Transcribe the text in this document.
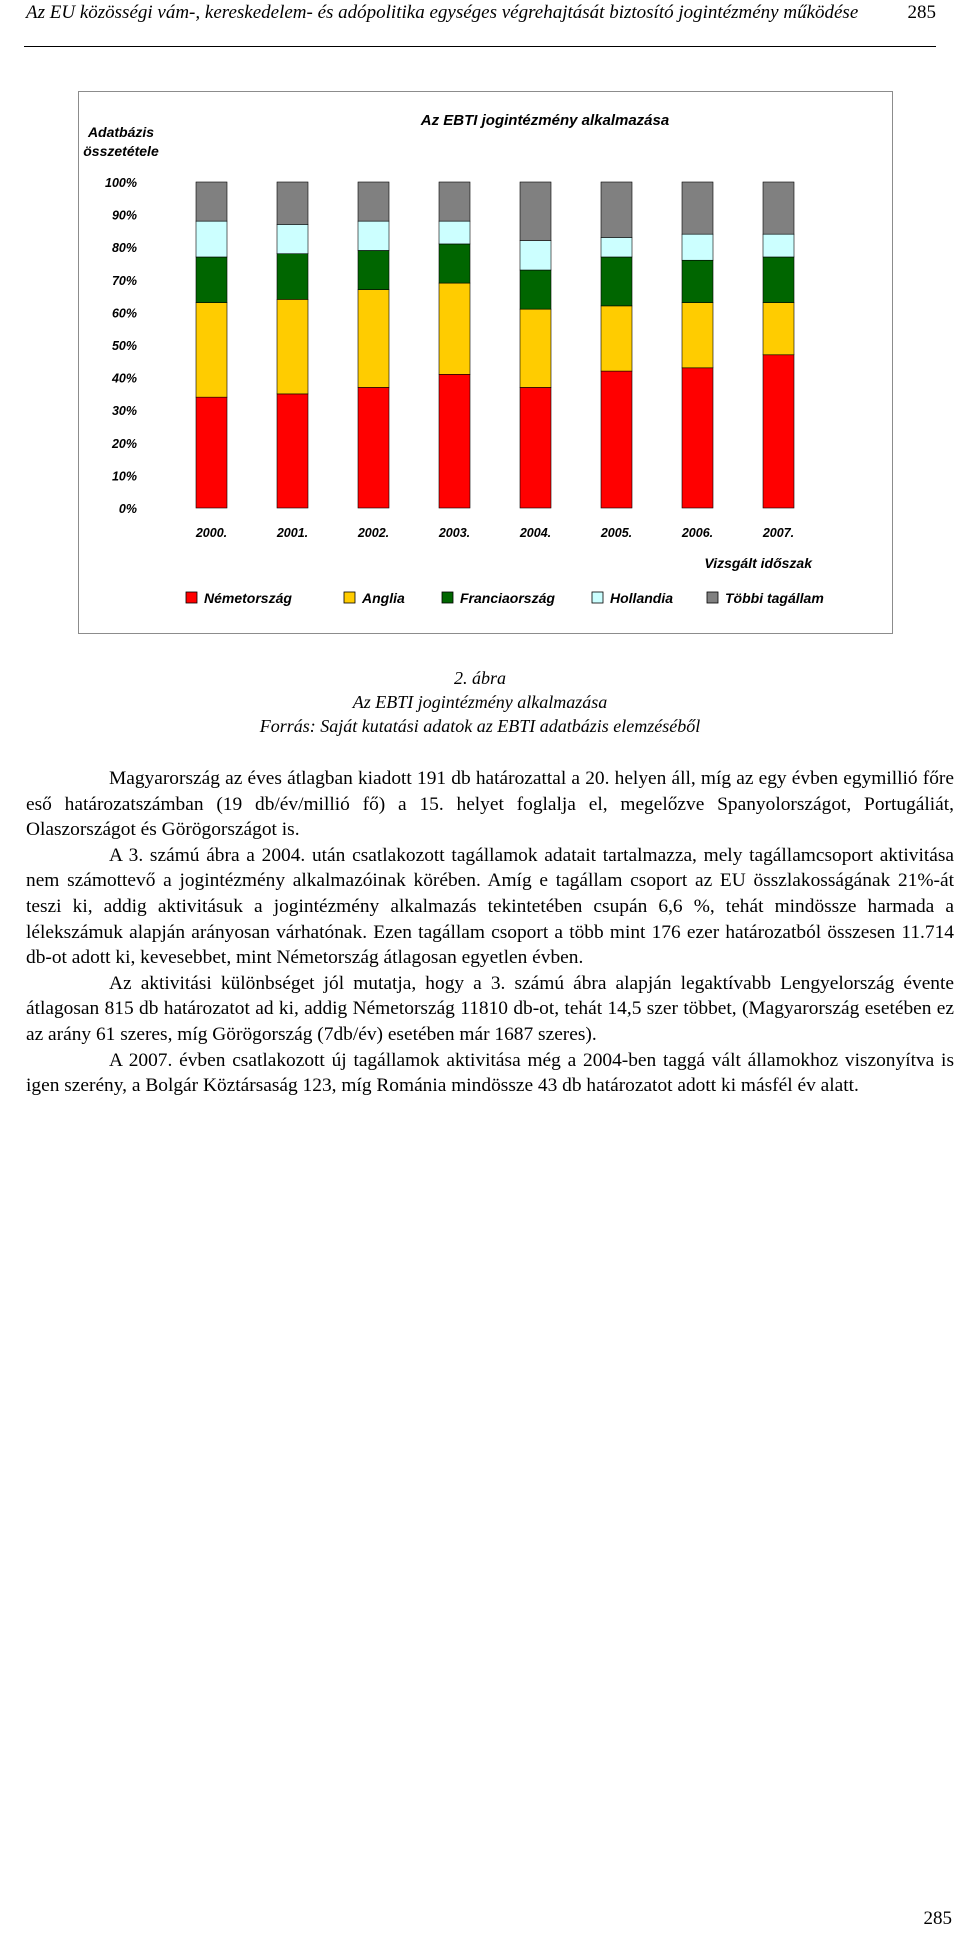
Az EU közösségi vám-, kereskedelem- és adópolitika egységes végrehajtását biztosító jogintézmény működése	285
Az EBTI jogintézmény alkalmazása
Adatbázis összetétele
0%
10%
20%
30%
40%
50%
60%
70%
80%
90%
100%
2000.	2001.	2002.	2003.	2004.	2005.	2006.	2007.
Vizsgált időszak
Németország	Anglia	Franciaország	Hollandia	Többi tagállam
2. ábra
Az EBTI jogintézmény alkalmazása
Forrás: Saját kutatási adatok az EBTI adatbázis elemzéséből

Magyarország az éves átlagban kiadott 191 db határozattal a 20. helyen áll, míg az egy évben egymillió főre eső határozatszámban (19 db/év/millió fő) a 15. helyet foglalja el, megelőzve Spanyolországot, Portugáliát, Olaszországot és Görögországot is.

A 3. számú ábra a 2004. után csatlakozott tagállamok adatait tartalmazza, mely tagállamcsoport aktivitása nem számottevő a jogintézmény alkalmazóinak körében. Amíg e tagállam csoport az EU összlakosságának 21%-át teszi ki, addig aktivitásuk a jogintézmény alkalmazás tekintetében csupán 6,6 %, tehát mindössze harmada a lélekszámuk alapján arányosan várhatónak. Ezen tagállam csoport a több mint 176 ezer határozatból összesen 11.714 db-ot adott ki, kevesebbet, mint Németország átlagosan egyetlen évben.

Az aktivitási különbséget jól mutatja, hogy a 3. számú ábra alapján legaktívabb Lengyelország évente átlagosan 815 db határozatot ad ki, addig Németország 11810 db-ot, tehát 14,5 szer többet, (Magyarország esetében ez az arány 61 szeres, míg Görögország (7db/év) esetében már 1687 szeres).

A 2007. évben csatlakozott új tagállamok aktivitása még a 2004-ben taggá vált államokhoz viszonyítva is igen szerény, a Bolgár Köztársaság 123, míg Románia mindössze 43 db határozatot adott ki másfél év alatt.

285
